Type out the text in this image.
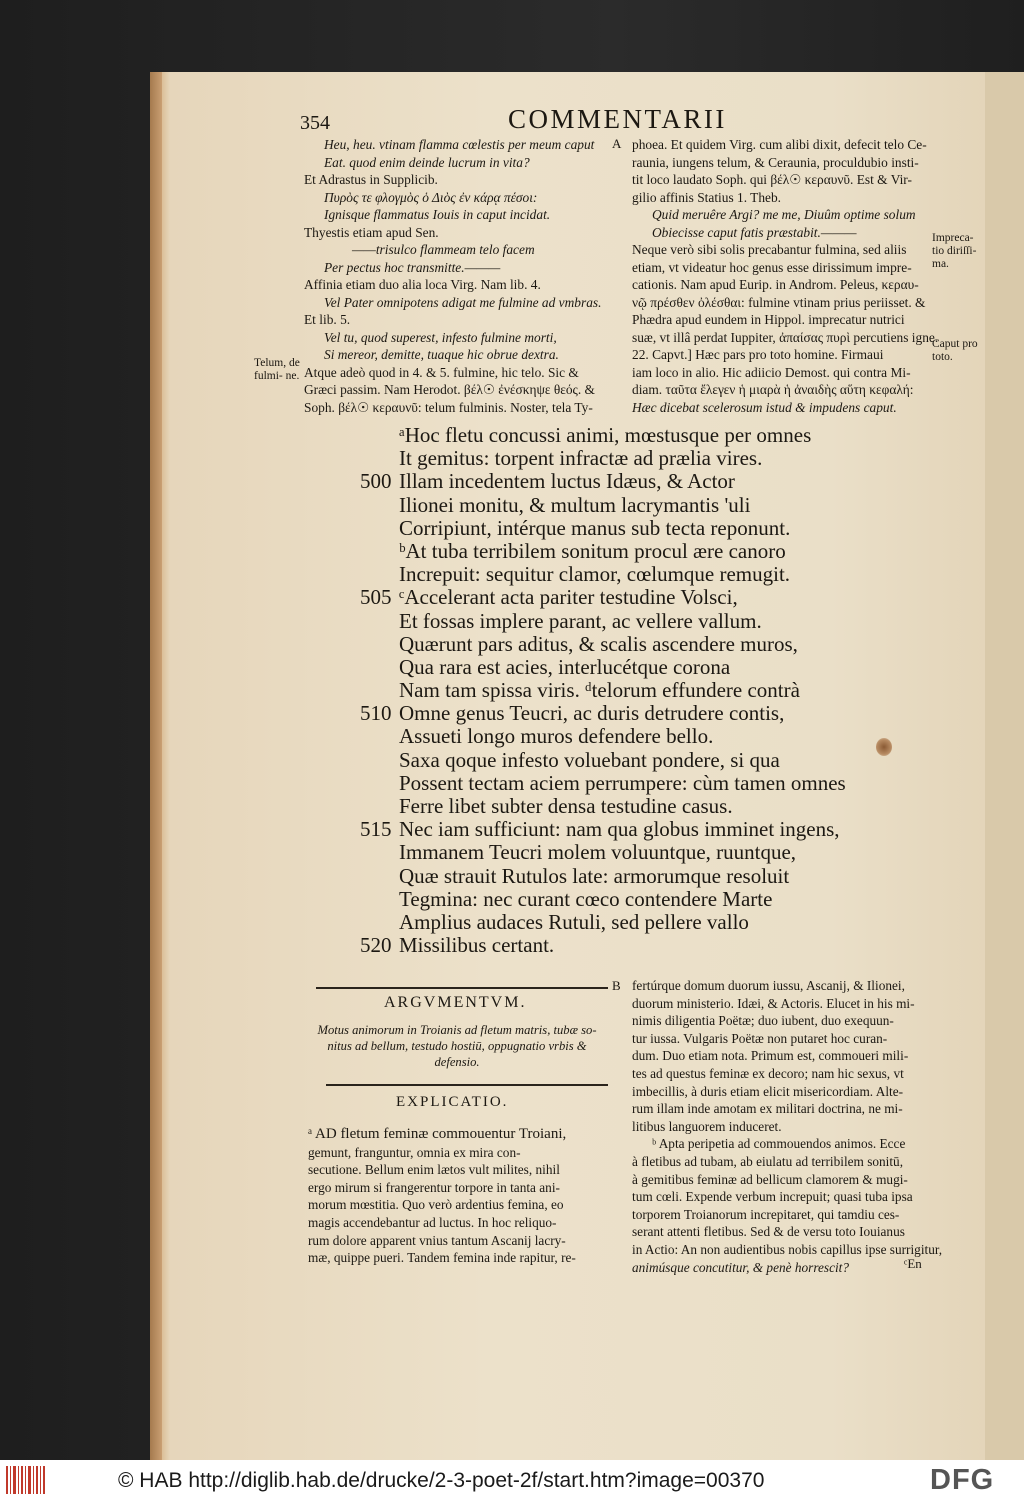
354	COMMENTARII
Heu, heu. vtinam flamma cœlestis per meum caput
Eat. quod enim deinde lucrum in vita?
Et Adrastus in Supplicib.
Πυρὸς τε φλογμὸς ὁ Διὸς ἐν κάρᾳ πέσοι:
Ignisque flammatus Iouis in caput incidat.
Thyestis etiam apud Sen.
——trisulco flammeam telo facem
Per pectus hoc transmitte.———
Affinia etiam duo alia loca Virg. Nam lib. 4.
Vel Pater omnipotens adigat me fulmine ad vmbras.
Et lib. 5.
Vel tu, quod superest, infesto fulmine morti,
Si mereor, demitte, tuaque hic obrue dextra.
Atque adeò quod in 4. & 5. fulmine, hic telo. Sic &
Græci passim. Nam Herodot. βέλ☉ ἐνέσκηψε θεός. &
Soph. βέλ☉ κεραυνῦ: telum fulminis. Noster, tela Ty-
phoea. Et quidem Virg. cum alibi dixit, defecit telo Ce-
raunia, iungens telum, & Ceraunia, proculdubio insti-
tit loco laudato Soph. qui βέλ☉ κεραυνῦ. Est & Vir-
gilio affinis Statius 1. Theb.
Quid meruêre Argi? me me, Diuûm optime solum
Obiecisse caput fatis præstabit.———
Neque verò sibi solis precabantur fulmina, sed aliis
etiam, vt videatur hoc genus esse dirissimum impre-
cationis. Nam apud Eurip. in Androm. Peleus, κεραυ-
νῷ πρέσθεν ὀλέσθαι: fulmine vtinam prius periisset. &
Phædra apud eundem in Hippol. imprecatur nutrici
suæ, vt illâ perdat Iuppiter, ἀπαίσας πυρὶ percutiens igne.
22. Capvt.] Hæc pars pro toto homine. Firmaui
iam loco in alio. Hic adiicio Demost. qui contra Mi-
diam. ταῦτα ἔλεγεν ἡ μιαρὰ ἡ ἀναιδὴς αὕτη κεφαλή:
Hæc dicebat scelerosum istud & impudens caput.
A
Telum, de fulmi- ne.
Impreca- tio diriſſi- ma.
Caput pro toto.
ᵃHoc fletu concussi animi, mœstusque per omnes
It gemitus: torpent infractæ ad prælia vires.
500 Illam incedentem luctus Idæus, & Actor
Ilionei monitu, & multum lacrymantis 'uli
Corripiunt, intérque manus sub tecta reponunt.
ᵇAt tuba terribilem sonitum procul ære canoro
Increpuit: sequitur clamor, cœlumque remugit.
505 ᶜAccelerant acta pariter testudine Volsci,
Et fossas implere parant, ac vellere vallum.
Quærunt pars aditus, & scalis ascendere muros,
Qua rara est acies, interlucétque corona
Nam tam spissa viris. ᵈtelorum effundere contrà
510 Omne genus Teucri, ac duris detrudere contis,
Assueti longo muros defendere bello.
Saxa qoque infesto voluebant pondere, si qua
Possent tectam aciem perrumpere: cùm tamen omnes
Ferre libet subter densa testudine casus.
515 Nec iam sufficiunt: nam qua globus imminet ingens,
Immanem Teucri molem voluuntque, ruuntque,
Quæ strauit Rutulos late: armorumque resoluit
Tegmina: nec curant cœco contendere Marte
Amplius audaces Rutuli, sed pellere vallo
520 Missilibus certant.
B
ARGVMENTVM.
Motus animorum in Troianis ad fletum matris, tubæ so- nitus ad bellum, testudo hostiū, oppugnatio vrbis & defensio.
EXPLICATIO.
ᵃ AD fletum feminæ commouentur Troiani,
gemunt, franguntur, omnia ex mira con-
secutione. Bellum enim lætos vult milites, nihil
ergo mirum si frangerentur torpore in tanta ani-
morum mœstitia. Quo verò ardentius femina, eo
magis accendebantur ad luctus. In hoc reliquo-
rum dolore apparent vnius tantum Ascanij lacry-
mæ, quippe pueri. Tandem femina inde rapitur, re-
fertúrque domum duorum iussu, Ascanij, & Ilionei,
duorum ministerio. Idæi, & Actoris. Elucet in his mi-
nimis diligentia Poëtæ; duo iubent, duo exequun-
tur iussa. Vulgaris Poëtæ non putaret hoc curan-
dum. Duo etiam nota. Primum est, commoueri mili-
tes ad questus feminæ ex decoro; nam hic sexus, vt
imbecillis, à duris etiam elicit misericordiam. Alte-
rum illam inde amotam ex militari doctrina, ne mi-
litibus languorem induceret.
ᵇ Apta peripetia ad commouendos animos. Ecce
à fletibus ad tubam, ab eiulatu ad terribilem sonitū,
à gemitibus feminæ ad bellicum clamorem & mugi-
tum cœli. Expende verbum increpuit; quasi tuba ipsa
torporem Troianorum increpitaret, qui tamdiu ces-
serant attenti fletibus. Sed & de versu toto Iouianus
in Actio: An non audientibus nobis capillus ipse surrigitur,
animúsque concutitur, & penè horrescit?	ᶜEn
© HAB http://diglib.hab.de/drucke/2-3-poet-2f/start.htm?image=00370	DFG
